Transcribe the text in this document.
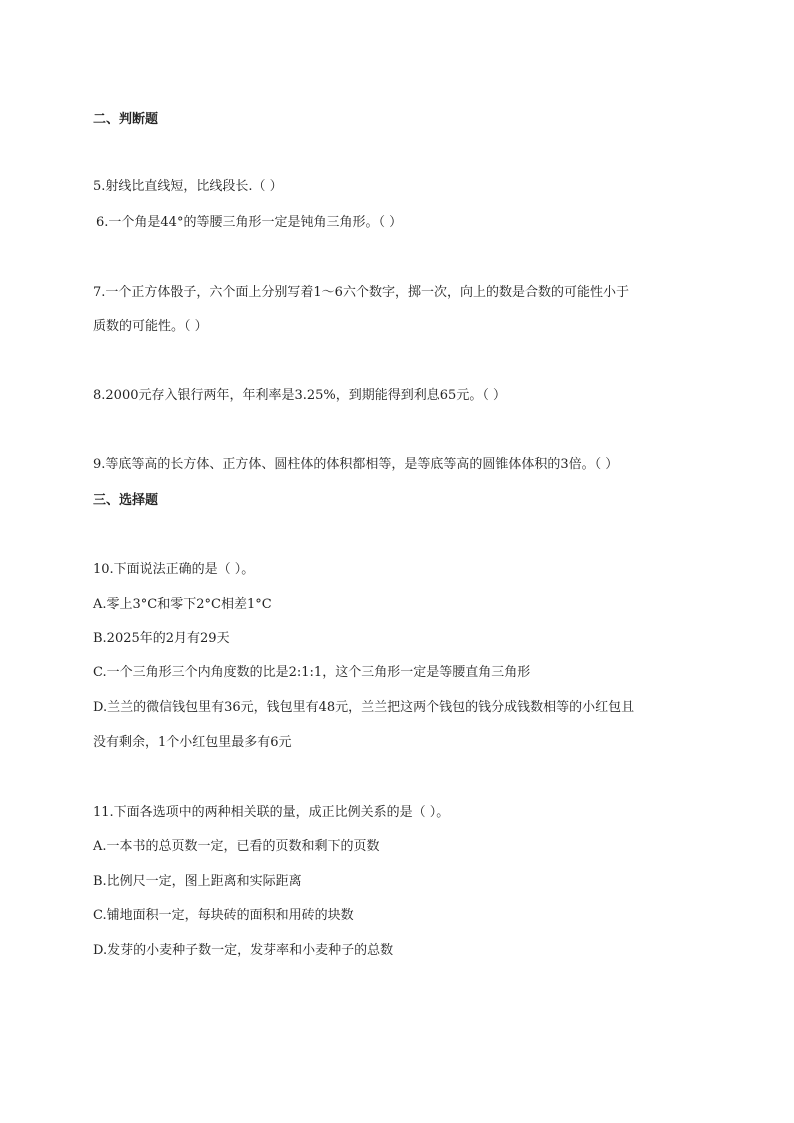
二、判断题
5.射线比直线短，比线段长.（ ）
6.一个角是44°的等腰三角形一定是钝角三角形。（ ）
7.一个正方体骰子，六个面上分别写着1～6六个数字，掷一次，向上的数是合数的可能性小于
质数的可能性。（ ）
8.2000元存入银行两年，年利率是3.25%，到期能得到利息65元。（ ）
9.等底等高的长方体、正方体、圆柱体的体积都相等，是等底等高的圆锥体体积的3倍。（ ）
三、选择题
10.下面说法正确的是（ ）。
A.零上3°C和零下2°C相差1°C
B.2025年的2月有29天
C.一个三角形三个内角度数的比是2:1:1，这个三角形一定是等腰直角三角形
D.兰兰的微信钱包里有36元，钱包里有48元，兰兰把这两个钱包的钱分成钱数相等的小红包且
没有剩余，1个小红包里最多有6元
11.下面各选项中的两种相关联的量，成正比例关系的是（ ）。
A.一本书的总页数一定，已看的页数和剩下的页数
B.比例尺一定，图上距离和实际距离
C.铺地面积一定，每块砖的面积和用砖的块数
D.发芽的小麦种子数一定，发芽率和小麦种子的总数
